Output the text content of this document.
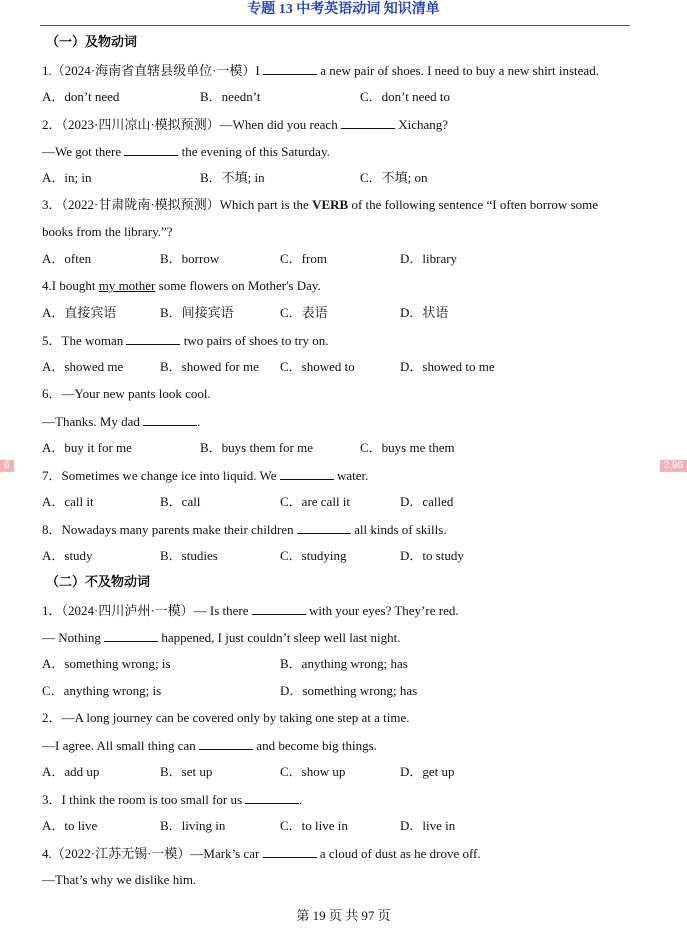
专题 13 中考英语动词 知识清单
6	2.96
（一）及物动词
1.（2024·海南省直辖县级单位·一模）I	a new pair of shoes. I need to buy a new shirt instead.
A．don’t need	B．needn’t	C．don’t need to
2．（2023·四川凉山·模拟预测）—When did you reach	Xichang?
—We got there	the evening of this Saturday.
A．in; in	B．不填; in	C．不填; on
3．（2022·甘肃陇南·模拟预测）Which part is the VERB of the following sentence “I often borrow some
books from the library.”?
A．often	B．borrow	C．from	D．library
4.I bought my mother some flowers on Mother's Day.
A．直接宾语	B．间接宾语	C．表语	D．状语
5．The woman	two pairs of shoes to try on.
A．showed me	B．showed for me C．showed to	D．showed to me
6．—Your new pants look cool.
—Thanks. My dad	.
A．buy it for me	B．buys them for me	C．buys me them
7．Sometimes we change ice into liquid. We	water.
A．call it	B．call	C．are call it	D．called
8．Nowadays many parents make their children	all kinds of skills.
A．study	B．studies	C．studying	D．to study
（二）不及物动词
1．（2024·四川泸州·一模）— Is there	with your eyes? They’re red.
— Nothing	happened, I just couldn’t sleep well last night.
A．something wrong; is	B．anything wrong; has
C．anything wrong; is	D．something wrong; has
2．—A long journey can be covered only by taking one step at a time.
—I agree. All small thing can	and become big things.
A．add up	B．set up	C．show up	D．get up
3．I think the room is too small for us	.
A．to live	B．living in	C．to live in	D．live in
4.（2022·江苏无锡·一模）—Mark’s car	a cloud of dust as he drove off.
—That’s why we dislike him.
第 19 页 共 97 页
